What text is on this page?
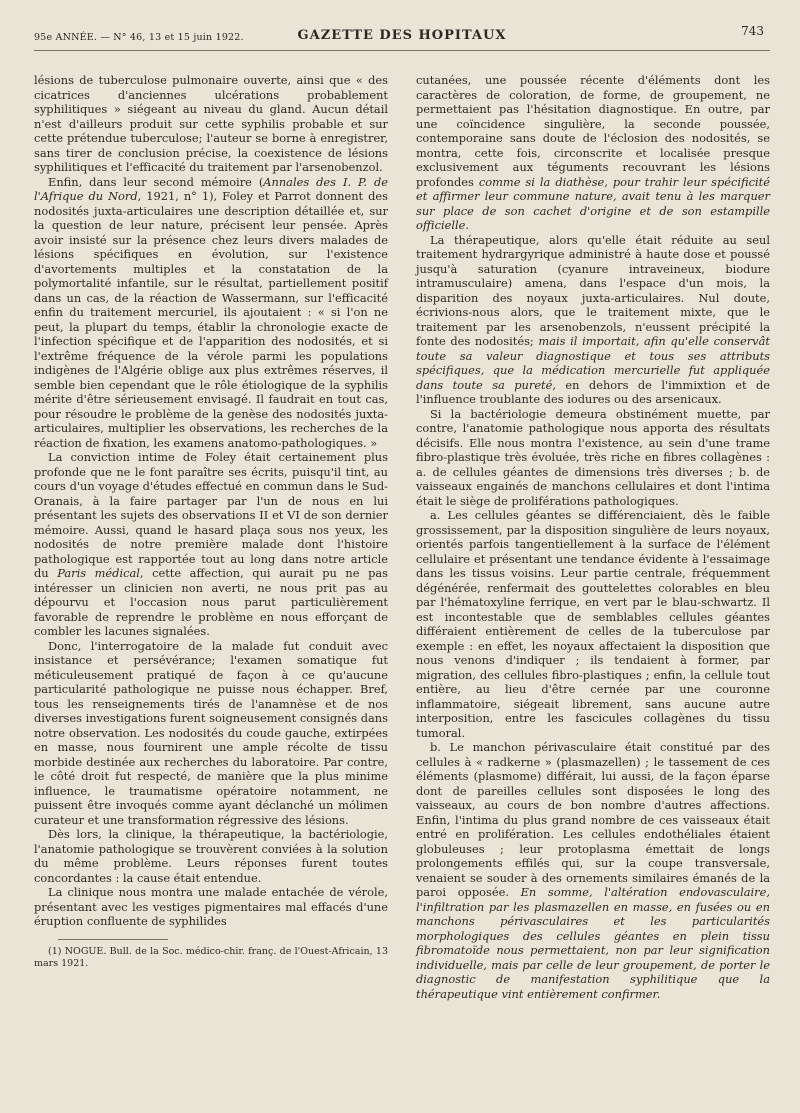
95e ANNÉE. — N° 46, 13 et 15 juin 1922.	GAZETTE DES HOPITAUX	743

lésions de tuberculose pulmonaire ouverte, ainsi que « des cicatrices d'anciennes ulcérations probablement syphilitiques » siégeant au niveau du gland. Aucun détail n'est d'ailleurs produit sur cette syphilis probable et sur cette prétendue tuberculose; l'auteur se borne à enregistrer, sans tirer de conclusion précise, la coexistence de lésions syphilitiques et l'efficacité du traitement par l'arsenobenzol.

Enfin, dans leur second mémoire (Annales des I. P. de l'Afrique du Nord, 1921, n° 1), Foley et Parrot donnent des nodosités juxta-articulaires une description détaillée et, sur la question de leur nature, précisent leur pensée. Après avoir insisté sur la présence chez leurs divers malades de lésions spécifiques en évolution, sur l'existence d'avortements multiples et la constatation de la polymortalité infantile, sur le résultat, partiellement positif dans un cas, de la réaction de Wassermann, sur l'efficacité enfin du traitement mercuriel, ils ajoutaient : « si l'on ne peut, la plupart du temps, établir la chronologie exacte de l'infection spécifique et de l'apparition des nodosités, et si l'extrême fréquence de la vérole parmi les populations indigènes de l'Algérie oblige aux plus extrêmes réserves, il semble bien cependant que le rôle étiologique de la syphilis mérite d'être sérieusement envisagé. Il faudrait en tout cas, pour résoudre le problème de la genèse des nodosités juxta-articulaires, multiplier les observations, les recherches de la réaction de fixation, les examens anatomo-pathologiques. »

La conviction intime de Foley était certainement plus profonde que ne le font paraître ses écrits, puisqu'il tint, au cours d'un voyage d'études effectué en commun dans le Sud-Oranais, à la faire partager par l'un de nous en lui présentant les sujets des observations II et VI de son dernier mémoire. Aussi, quand le hasard plaça sous nos yeux, les nodosités de notre première malade dont l'histoire pathologique est rapportée tout au long dans notre article du Paris médical, cette affection, qui aurait pu ne pas intéresser un clinicien non averti, ne nous prit pas au dépourvu et l'occasion nous parut particulièrement favorable de reprendre le problème en nous efforçant de combler les lacunes signalées.

Donc, l'interrogatoire de la malade fut conduit avec insistance et persévérance; l'examen somatique fut méticuleusement pratiqué de façon à ce qu'aucune particularité pathologique ne puisse nous échapper. Bref, tous les renseignements tirés de l'anamnèse et de nos diverses investigations furent soigneusement consignés dans notre observation. Les nodosités du coude gauche, extirpées en masse, nous fournirent une ample récolte de tissu morbide destinée aux recherches du laboratoire. Par contre, le côté droit fut respecté, de manière que la plus minime influence, le traumatisme opératoire notamment, ne puissent être invoqués comme ayant déclanché un mólimen curateur et une transformation régressive des lésions.

Dès lors, la clinique, la thérapeutique, la bactériologie, l'anatomie pathologique se trouvèrent conviées à la solution du même problème. Leurs réponses furent toutes concordantes : la cause était entendue.

La clinique nous montra une malade entachée de vérole, présentant avec les vestiges pigmentaires mal effacés d'une éruption confluente de syphilides

(1) NOGUE. Bull. de la Soc. médico-chir. franç. de l'Ouest-Africain, 13 mars 1921.

cutanées, une poussée récente d'éléments dont les caractères de coloration, de forme, de groupement, ne permettaient pas l'hésitation diagnostique. En outre, par une coïncidence singulière, la seconde poussée, contemporaine sans doute de l'éclosion des nodosités, se montra, cette fois, circonscrite et localisée presque exclusivement aux téguments recouvrant les lésions profondes comme si la diathèse, pour trahir leur spécificité et affirmer leur commune nature, avait tenu à les marquer sur place de son cachet d'origine et de son estampille officielle.

La thérapeutique, alors qu'elle était réduite au seul traitement hydrargyrique administré à haute dose et poussé jusqu'à saturation (cyanure intraveineux, biodure intramusculaire) amena, dans l'espace d'un mois, la disparition des noyaux juxta-articulaires. Nul doute, écrivions-nous alors, que le traitement mixte, que le traitement par les arsenobenzols, n'eussent précipité la fonte des nodosités; mais il importait, afin qu'elle conservât toute sa valeur diagnostique et tous ses attributs spécifiques, que la médication mercurielle fut appliquée dans toute sa pureté, en dehors de l'immixtion et de l'influence troublante des iodures ou des arsenicaux.

Si la bactériologie demeura obstinément muette, par contre, l'anatomie pathologique nous apporta des résultats décisifs. Elle nous montra l'existence, au sein d'une trame fibro-plastique très évoluée, très riche en fibres collagènes : a. de cellules géantes de dimensions très diverses ; b. de vaisseaux engainés de manchons cellulaires et dont l'intima était le siège de proliférations pathologiques.

a. Les cellules géantes se différenciaient, dès le faible grossissement, par la disposition singulière de leurs noyaux, orientés parfois tangentiellement à la surface de l'élément cellulaire et présentant une tendance évidente à l'essaimage dans les tissus voisins. Leur partie centrale, fréquemment dégénérée, renfermait des gouttelettes colorables en bleu par l'hématoxyline ferrique, en vert par le blau-schwartz. Il est incontestable que de semblables cellules géantes différaient entièrement de celles de la tuberculose par exemple : en effet, les noyaux affectaient la disposition que nous venons d'indiquer ; ils tendaient à former, par migration, des cellules fibro-plastiques ; enfin, la cellule tout entière, au lieu d'être cernée par une couronne inflammatoire, siégeait librement, sans aucune autre interposition, entre les fascicules collagènes du tissu tumoral.

b. Le manchon périvasculaire était constitué par des cellules à « radkerne » (plasmazellen) ; le tassement de ces éléments (plasmome) différait, lui aussi, de la façon éparse dont de pareilles cellules sont disposées le long des vaisseaux, au cours de bon nombre d'autres affections. Enfin, l'intima du plus grand nombre de ces vaisseaux était entré en prolifération. Les cellules endothéliales étaient globuleuses ; leur protoplasma émettait de longs prolongements effilés qui, sur la coupe transversale, venaient se souder à des ornements similaires émanés de la paroi opposée. En somme, l'altération endovasculaire, l'infiltration par les plasmazellen en masse, en fusées ou en manchons périvasculaires et les particularités morphologiques des cellules géantes en plein tissu fibromatoïde nous permettaient, non par leur signification individuelle, mais par celle de leur groupement, de porter le diagnostic de manifestation syphilitique que la thérapeutique vint entièrement confirmer.
